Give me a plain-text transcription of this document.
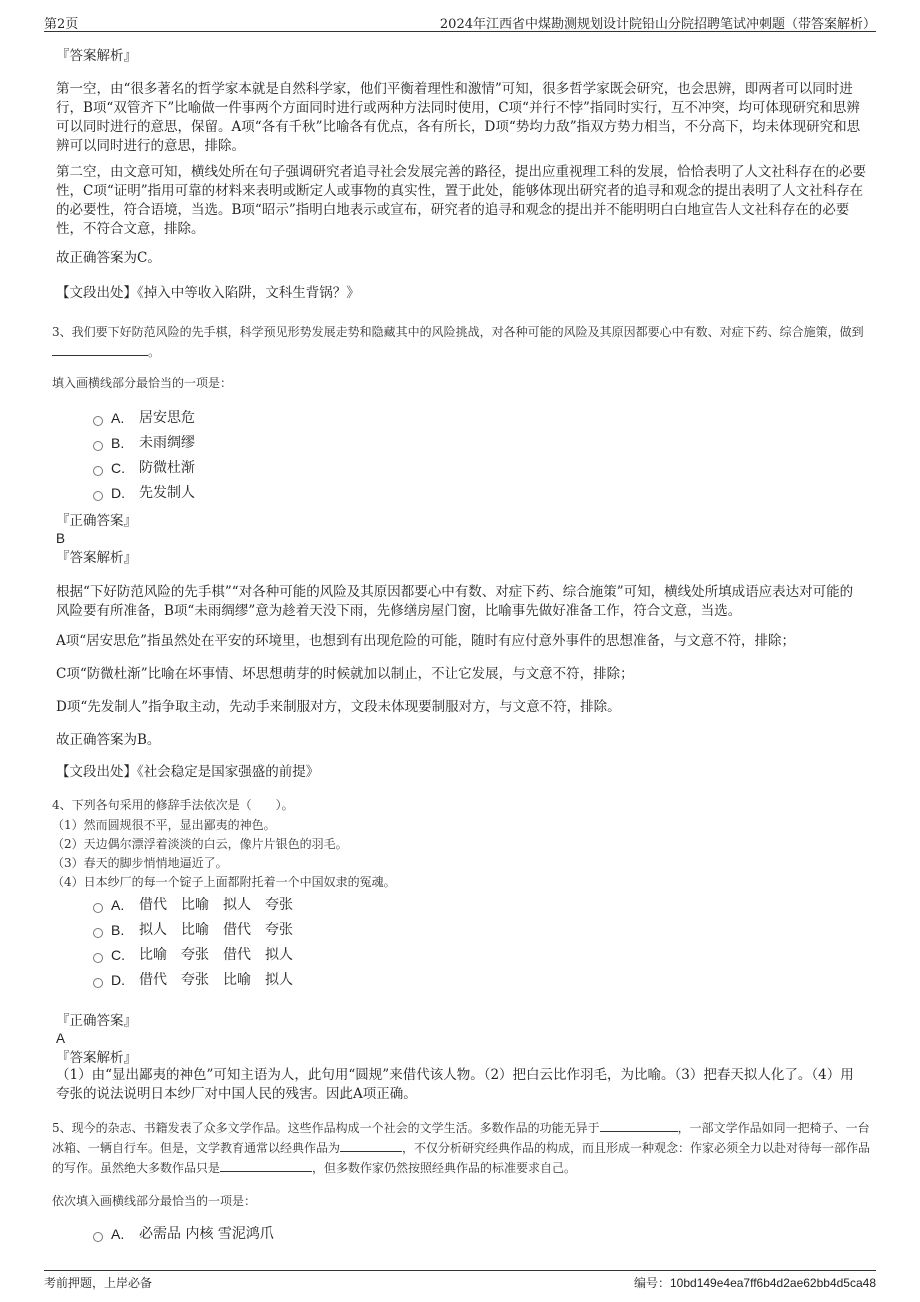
第2页	2024年江西省中煤勘测规划设计院铅山分院招聘笔试冲刺题（带答案解析）
『答案解析』

第一空，由“很多著名的哲学家本就是自然科学家，他们平衡着理性和激情”可知，很多哲学家既会研究，也会思辨，即两者可以同时进行，B项“双管齐下”比喻做一件事两个方面同时进行或两种方法同时使用，C项“并行不悖”指同时实行，互不冲突，均可体现研究和思辨可以同时进行的意思，保留。A项“各有千秋”比喻各有优点，各有所长，D项“势均力敌”指双方势力相当，不分高下，均未体现研究和思辨可以同时进行的意思，排除。

第二空，由文意可知，横线处所在句子强调研究者追寻社会发展完善的路径，提出应重视理工科的发展，恰恰表明了人文社科存在的必要性，C项“证明”指用可靠的材料来表明或断定人或事物的真实性，置于此处，能够体现出研究者的追寻和观念的提出表明了人文社科存在的必要性，符合语境，当选。B项“昭示”指明白地表示或宣布，研究者的追寻和观念的提出并不能明明白白地宣告人文社科存在的必要性，不符合文意，排除。

故正确答案为C。
【文段出处】《掉入中等收入陷阱，文科生背锅？》
3、我们要下好防范风险的先手棋，科学预见形势发展走势和隐藏其中的风险挑战，对各种可能的风险及其原因都要心中有数、对症下药、综合施策，做到。
填入画横线部分最恰当的一项是：
A.	居安思危
B.	未雨绸缪
C.	防微杜渐
D.	先发制人
『正确答案』
B
『答案解析』

根据“下好防范风险的先手棋”“对各种可能的风险及其原因都要心中有数、对症下药、综合施策”可知，横线处所填成语应表达对可能的风险要有所准备，B项“未雨绸缪”意为趁着天没下雨，先修缮房屋门窗，比喻事先做好准备工作，符合文意，当选。

A项“居安思危”指虽然处在平安的环境里，也想到有出现危险的可能，随时有应付意外事件的思想准备，与文意不符，排除；

C项“防微杜渐”比喻在坏事情、坏思想萌芽的时候就加以制止，不让它发展，与文意不符，排除；

D项“先发制人”指争取主动，先动手来制服对方，文段未体现要制服对方，与文意不符，排除。

故正确答案为B。

【文段出处】《社会稳定是国家强盛的前提》
4、下列各句采用的修辞手法依次是（　　）。
（1）然而圆规很不平，显出鄙夷的神色。
（2）天边偶尔漂浮着淡淡的白云，像片片银色的羽毛。
（3）春天的脚步悄悄地逼近了。
（4）日本纱厂的每一个锭子上面都附托着一个中国奴隶的冤魂。
A.	借代　比喻　拟人　夸张
B.	拟人　比喻　借代　夸张
C.	比喻　夸张　借代　拟人
D.	借代　夸张　比喻　拟人
『正确答案』
A
『答案解析』

（1）由“显出鄙夷的神色”可知主语为人，此句用“圆规”来借代该人物。（2）把白云比作羽毛，为比喻。（3）把春天拟人化了。（4）用夸张的说法说明日本纱厂对中国人民的残害。因此A项正确。

5、现今的杂志、书籍发表了众多文学作品。这些作品构成一个社会的文学生活。多数作品的功能无异于	，一部文学作品如同一把椅子、一台冰箱、一辆自行车。但是，文学教育通常以经典作品为	，不仅分析研究经典作品的构成，而且形成一种观念：作家必须全力以赴对待每一部作品的写作。虽然绝大多数作品只是	，但多数作家仍然按照经典作品的标准要求自己。
依次填入画横线部分最恰当的一项是：
A.	必需品 内核 雪泥鸿爪
考前押题，上岸必备	编号：10bd149e4ea7ff6b4d2ae62bb4d5ca48
